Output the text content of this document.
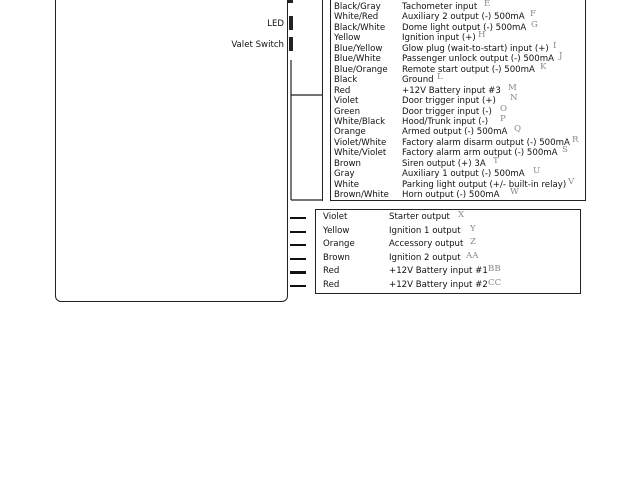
LED
Valet Switch
Black/Gray Tachometer input E
White/Red	Auxiliary 2 output (-) 500mA F
Black/White Dome light output (-) 500mA G
Yellow	Ignition input (+) H
Blue/Yellow Glow plug (wait-to-start) input (+) I
Blue/White Passenger unlock output (-) 500mA J
Blue/Orange Remote start output (-) 500mA K
Black	Ground L
Red	+12V Battery input #3 M
Violet	Door trigger input (+) N
Green	Door trigger input (-) O
White/Black Hood/Trunk input (-) P
Orange	Armed output (-) 500mA Q
Violet/White Factory alarm disarm output (-) 500mA R
White/Violet Factory alarm arm output (-) 500mA S
Brown	Siren output (+) 3A T
Gray	Auxiliary 1 output (-) 500mA U
White	Parking light output (+/- built-in relay) V
Brown/White Horn output (-) 500mA W
Violet	Starter output X
Yellow	Ignition 1 output Y
Orange	Accessory output Z
Brown	Ignition 2 output AA
Red	+12V Battery input #1 BB
Red	+12V Battery input #2 CC
